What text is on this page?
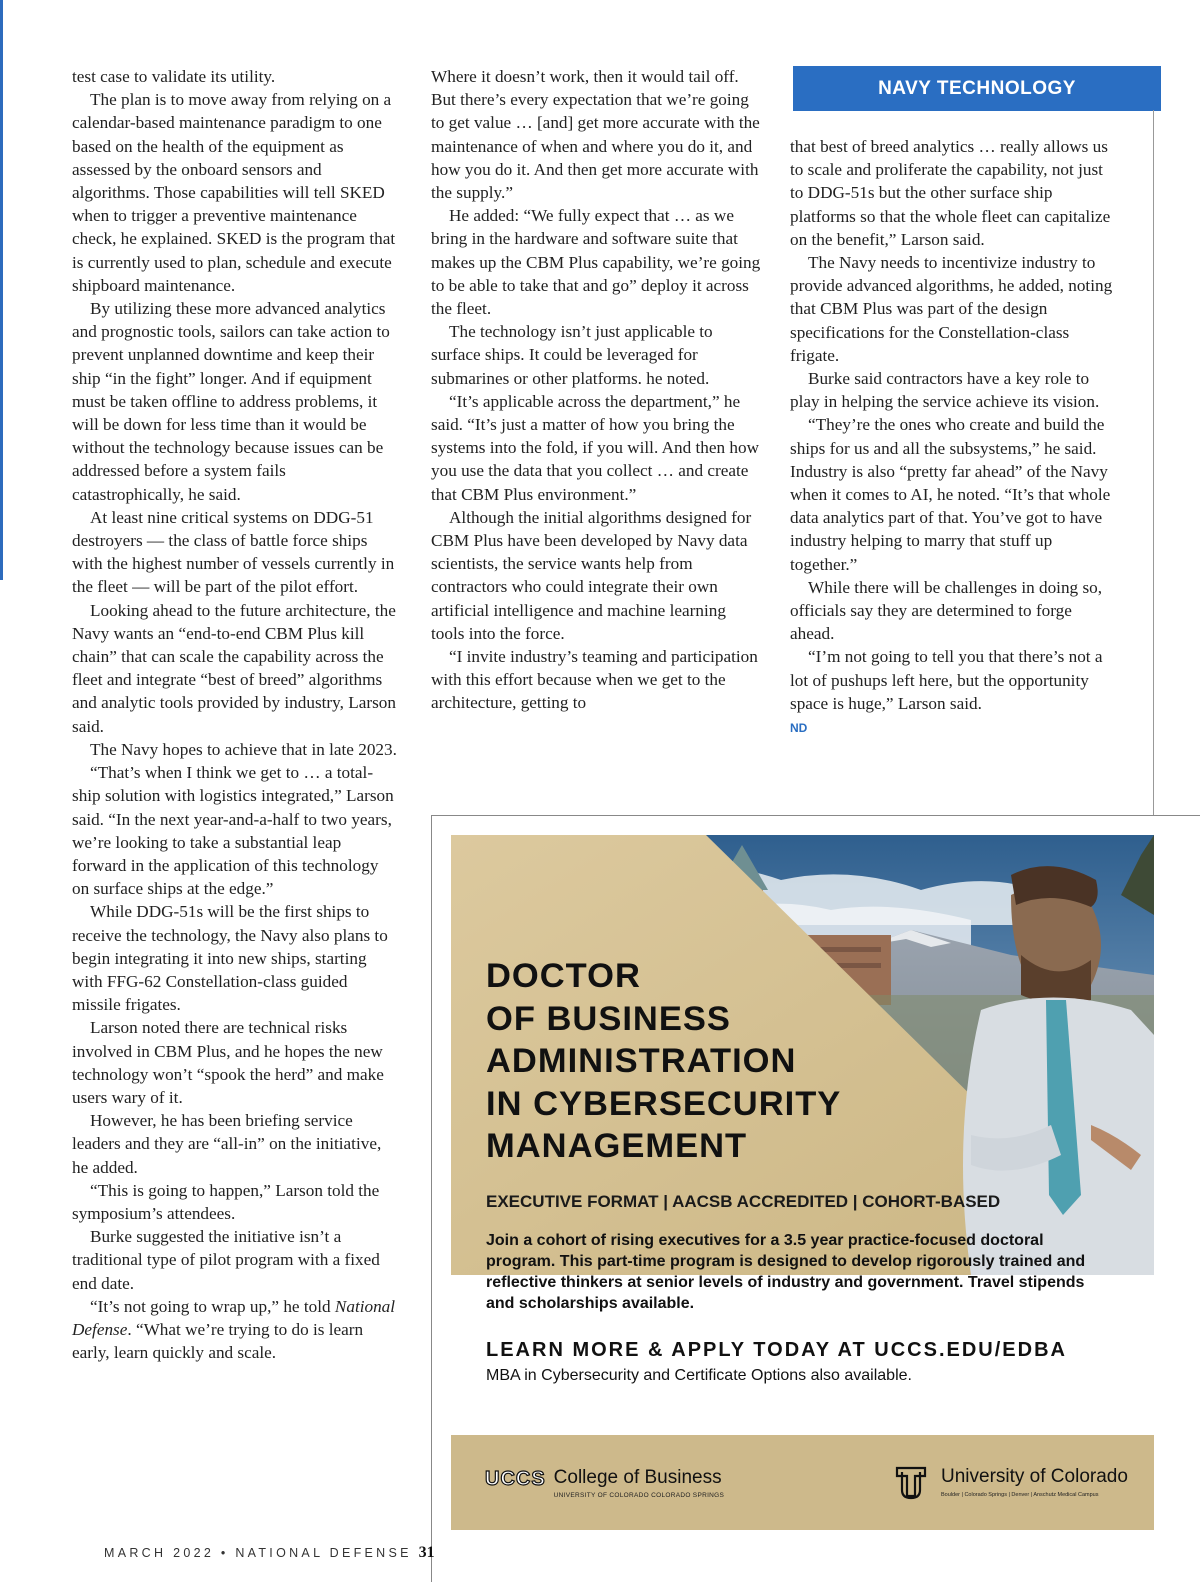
test case to validate its utility.

The plan is to move away from relying on a calendar-based maintenance paradigm to one based on the health of the equipment as assessed by the onboard sensors and algorithms. Those capabilities will tell SKED when to trigger a preventive maintenance check, he explained. SKED is the program that is currently used to plan, schedule and execute shipboard maintenance.

By utilizing these more advanced analytics and prognostic tools, sailors can take action to prevent unplanned downtime and keep their ship “in the fight” longer. And if equipment must be taken offline to address problems, it will be down for less time than it would be without the technology because issues can be addressed before a system fails catastrophically, he said.

At least nine critical systems on DDG-51 destroyers — the class of battle force ships with the highest number of vessels currently in the fleet — will be part of the pilot effort.

Looking ahead to the future architecture, the Navy wants an “end-to-end CBM Plus kill chain” that can scale the capability across the fleet and integrate “best of breed” algorithms and analytic tools provided by industry, Larson said.

The Navy hopes to achieve that in late 2023.

“That’s when I think we get to … a total-ship solution with logistics integrated,” Larson said. “In the next year-and-a-half to two years, we’re looking to take a substantial leap forward in the application of this technology on surface ships at the edge.”

While DDG-51s will be the first ships to receive the technology, the Navy also plans to begin integrating it into new ships, starting with FFG-62 Constellation-class guided missile frigates.

Larson noted there are technical risks involved in CBM Plus, and he hopes the new technology won’t “spook the herd” and make users wary of it.

However, he has been briefing service leaders and they are “all-in” on the initiative, he added.

“This is going to happen,” Larson told the symposium’s attendees.

Burke suggested the initiative isn’t a traditional type of pilot program with a fixed end date.

“It’s not going to wrap up,” he told National Defense. “What we’re trying to do is learn early, learn quickly and scale.

Where it doesn’t work, then it would tail off. But there’s every expectation that we’re going to get value … [and] get more accurate with the maintenance of when and where you do it, and how you do it. And then get more accurate with the supply.”

He added: “We fully expect that … as we bring in the hardware and software suite that makes up the CBM Plus capability, we’re going to be able to take that and go” deploy it across the fleet.

The technology isn’t just applicable to surface ships. It could be leveraged for submarines or other platforms. he noted.

“It’s applicable across the department,” he said. “It’s just a matter of how you bring the systems into the fold, if you will. And then how you use the data that you collect … and create that CBM Plus environment.”

Although the initial algorithms designed for CBM Plus have been developed by Navy data scientists, the service wants help from contractors who could integrate their own artificial intelligence and machine learning tools into the force.

“I invite industry’s teaming and participation with this effort because when we get to the architecture, getting to

NAVY TECHNOLOGY

that best of breed analytics … really allows us to scale and proliferate the capability, not just to DDG-51s but the other surface ship platforms so that the whole fleet can capitalize on the benefit,” Larson said.

The Navy needs to incentivize industry to provide advanced algorithms, he added, noting that CBM Plus was part of the design specifications for the Constellation-class frigate.

Burke said contractors have a key role to play in helping the service achieve its vision.

“They’re the ones who create and build the ships for us and all the subsystems,” he said. Industry is also “pretty far ahead” of the Navy when it comes to AI, he noted. “It’s that whole data analytics part of that. You’ve got to have industry helping to marry that stuff up together.”

While there will be challenges in doing so, officials say they are determined to forge ahead.

“I’m not going to tell you that there’s not a lot of pushups left here, but the opportunity space is huge,” Larson said.

ND
DOCTOR
OF BUSINESS
ADMINISTRATION
IN CYBERSECURITY
MANAGEMENT
EXECUTIVE FORMAT | AACSB ACCREDITED | COHORT-BASED
Join a cohort of rising executives for a 3.5 year practice-focused doctoral program. This part-time program is designed to develop rigorously trained and reflective thinkers at senior levels of industry and government. Travel stipends and scholarships available.
LEARN MORE & APPLY TODAY AT UCCS.EDU/EDBA
MBA in Cybersecurity and Certificate Options also available.
UCCS College of Business
UNIVERSITY OF COLORADO COLORADO SPRINGS
University of Colorado
Boulder | Colorado Springs | Denver | Anschutz Medical Campus
MARCH 2022 • NATIONAL DEFENSE 31
